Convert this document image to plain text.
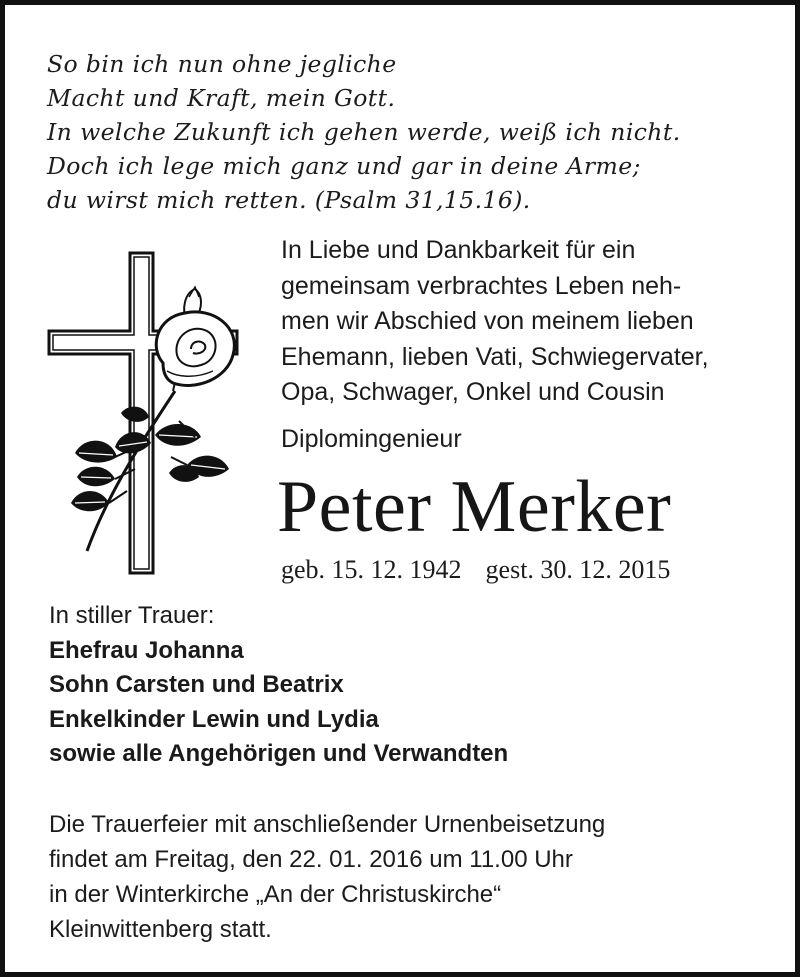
So bin ich nun ohne jegliche
Macht und Kraft, mein Gott.
In welche Zukunft ich gehen werde, weiß ich nicht.
Doch ich lege mich ganz und gar in deine Arme;
du wirst mich retten. (Psalm 31,15.16).
In Liebe und Dankbarkeit für ein
gemeinsam verbrachtes Leben neh-
men wir Abschied von meinem lieben
Ehemann, lieben Vati, Schwiegervater,
Opa, Schwager, Onkel und Cousin
Diplomingenieur
Peter Merker
geb. 15. 12. 1942 gest. 30. 12. 2015
In stiller Trauer:
Ehefrau Johanna
Sohn Carsten und Beatrix
Enkelkinder Lewin und Lydia
sowie alle Angehörigen und Verwandten
Die Trauerfeier mit anschließender Urnenbeisetzung
findet am Freitag, den 22. 01. 2016 um 11.00 Uhr
in der Winterkirche „An der Christuskirche“
Kleinwittenberg statt.
